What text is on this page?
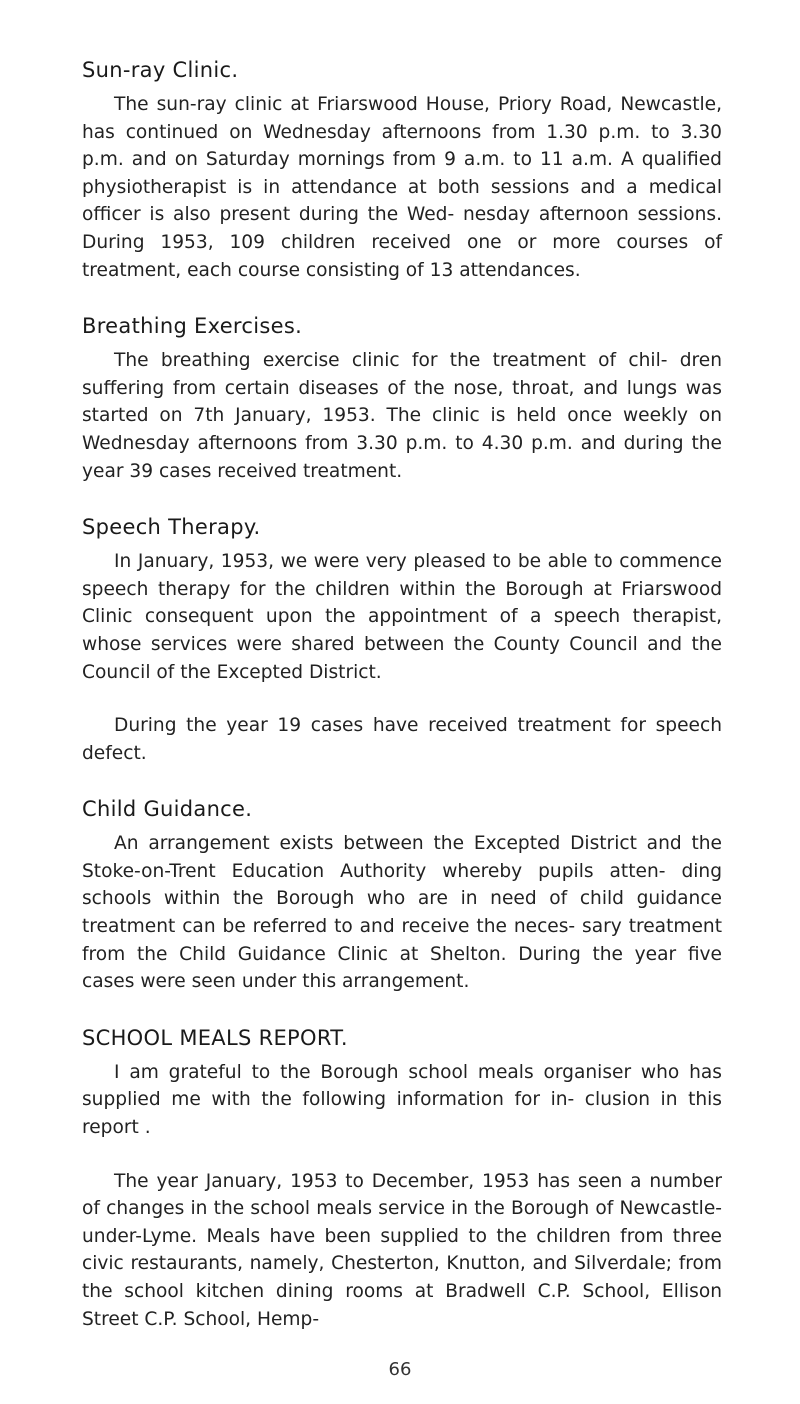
Sun-ray Clinic.

The sun-ray clinic at Friarswood House, Priory Road, Newcastle, has continued on Wednesday afternoons from 1.30 p.m. to 3.30 p.m. and on Saturday mornings from 9 a.m. to 11 a.m. A qualified physiotherapist is in attendance at both sessions and a medical officer is also present during the Wed- nesday afternoon sessions. During 1953, 109 children received one or more courses of treatment, each course consisting of 13 attendances.

Breathing Exercises.

The breathing exercise clinic for the treatment of chil- dren suffering from certain diseases of the nose, throat, and lungs was started on 7th January, 1953. The clinic is held once weekly on Wednesday afternoons from 3.30 p.m. to 4.30 p.m. and during the year 39 cases received treatment.

Speech Therapy.

In January, 1953, we were very pleased to be able to commence speech therapy for the children within the Borough at Friarswood Clinic consequent upon the appointment of a speech therapist, whose services were shared between the County Council and the Council of the Excepted District.

During the year 19 cases have received treatment for speech defect.

Child Guidance.

An arrangement exists between the Excepted District and the Stoke-on-Trent Education Authority whereby pupils atten- ding schools within the Borough who are in need of child guidance treatment can be referred to and receive the neces- sary treatment from the Child Guidance Clinic at Shelton. During the year five cases were seen under this arrangement.

SCHOOL MEALS REPORT.

I am grateful to the Borough school meals organiser who has supplied me with the following information for in- clusion in this report .

The year January, 1953 to December, 1953 has seen a number of changes in the school meals service in the Borough of Newcastle-under-Lyme. Meals have been supplied to the children from three civic restaurants, namely, Chesterton, Knutton, and Silverdale; from the school kitchen dining rooms at Bradwell C.P. School, Ellison Street C.P. School, Hemp-

66
